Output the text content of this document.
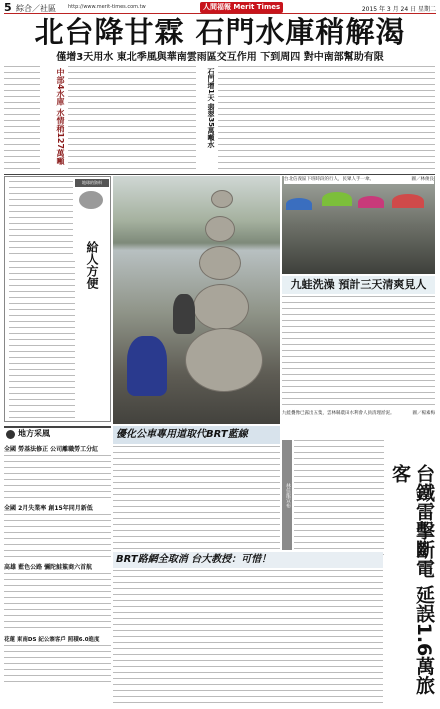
5 綜合／社區 http://www.merit-times.com.tw	人間福報 Merit Times	2015 年 3 月 24 日 星期二
北台降甘霖 石門水庫稍解渴
僅增3天用水 東北季風與華南雲雨區交互作用 下到周四 對中南部幫助有限
中部4水庫 水情稍127萬噸	石門增1天 翡翠35萬噸水
地球的資料
給人方便
台北信義區下班時段的行人，民眾人手一傘。	圖／林俊良
九蛙洗澡 預計三天清爽見人
九蛙疊像已露出五隻，雲林縣農田水利會人員清理淤泥。	圖／楊素梅
地方采風
全國 勞基法修正 公司離職勞工分紅
全國 2月失業率 創15年同月新低
高雄 藍色公路 彌陀鮭鯊商六首航
花蓮 東南DS 紀公寨客戶 照積6.0進度
優化公車專用道取代BRT藍線
林佳龍宣布
BRT路網全取消 台大教授：可惜！	台鐵雷擊斷電 延誤1.6萬旅客
